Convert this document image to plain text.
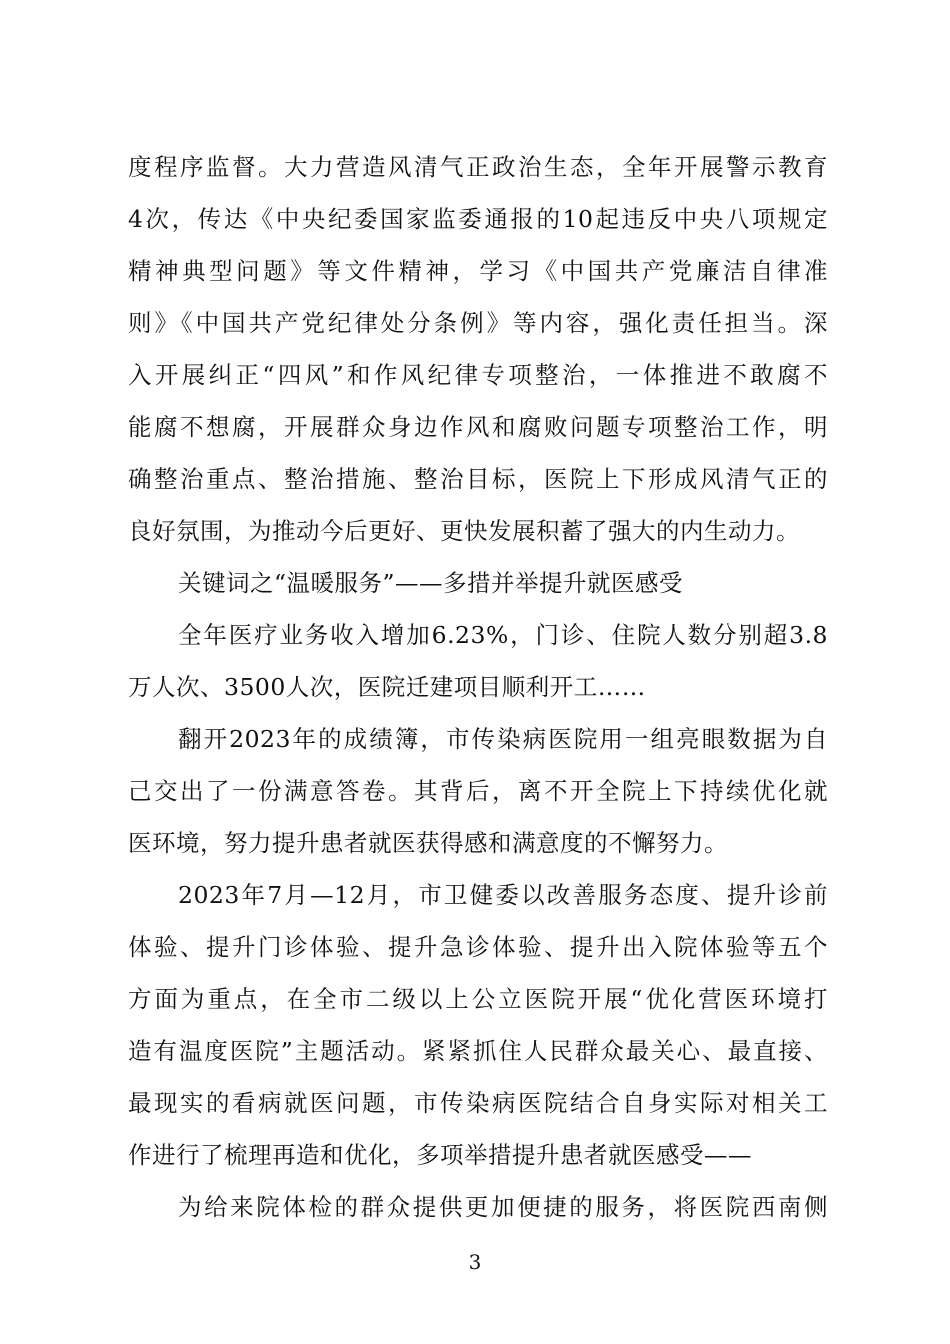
度程序监督。大力营造风清气正政治生态，全年开展警示教育
4次，传达《中央纪委国家监委通报的10起违反中央八项规定
精神典型问题》等文件精神，学习《中国共产党廉洁自律准
则》《中国共产党纪律处分条例》等内容，强化责任担当。深
入开展纠正“四风”和作风纪律专项整治，一体推进不敢腐不
能腐不想腐，开展群众身边作风和腐败问题专项整治工作，明
确整治重点、整治措施、整治目标，医院上下形成风清气正的
良好氛围，为推动今后更好、更快发展积蓄了强大的内生动力。
关键词之“温暖服务”——多措并举提升就医感受
全年医疗业务收入增加6.23%，门诊、住院人数分别超3.8
万人次、3500人次，医院迁建项目顺利开工……
翻开2023年的成绩簿，市传染病医院用一组亮眼数据为自
己交出了一份满意答卷。其背后，离不开全院上下持续优化就
医环境，努力提升患者就医获得感和满意度的不懈努力。
2023年7月—12月，市卫健委以改善服务态度、提升诊前
体验、提升门诊体验、提升急诊体验、提升出入院体验等五个
方面为重点，在全市二级以上公立医院开展“优化营医环境打
造有温度医院”主题活动。紧紧抓住人民群众最关心、最直接、
最现实的看病就医问题，市传染病医院结合自身实际对相关工
作进行了梳理再造和优化，多项举措提升患者就医感受——
为给来院体检的群众提供更加便捷的服务，将医院西南侧
3
